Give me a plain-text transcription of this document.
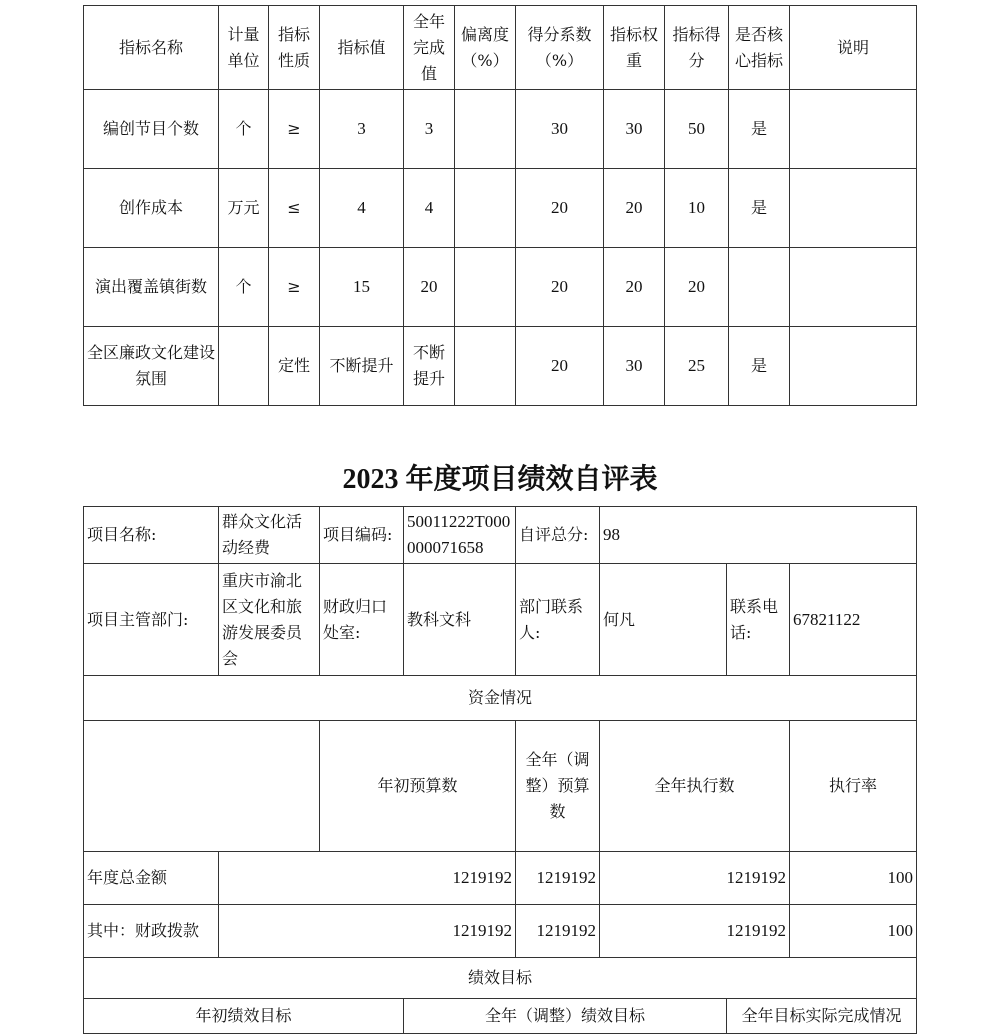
指标名称	计量单位	指标性质	指标值	全年完成值	偏离度（%）	得分系数（%）	指标权重	指标得分	是否核心指标	说明
编创节目个数	个	≥	3	3		30	30	50	是	
创作成本	万元	≤	4	4		20	20	10	是	
演出覆盖镇街数	个	≥	15	20		20	20	20		
全区廉政文化建设氛围		定性	不断提升	不断提升		20	30	25	是	
2023 年度项目绩效自评表
项目名称:	群众文化活动经费	项目编码:	50011222T000000071658	自评总分:	98			
项目主管部门:	重庆市渝北区文化和旅游发展委员会	财政归口处室:	教科文科	部门联系人:	何凡	联系电话:	67821122	
资金情况								
		年初预算数		全年（调整）预算数	全年执行数		执行率		
年度总金额	1219192			1219192	1219192		100		
其中：财政拨款	1219192			1219192	1219192		100		
绩效目标								
年初绩效目标			全年（调整）绩效目标			全年目标实际完成情况		
